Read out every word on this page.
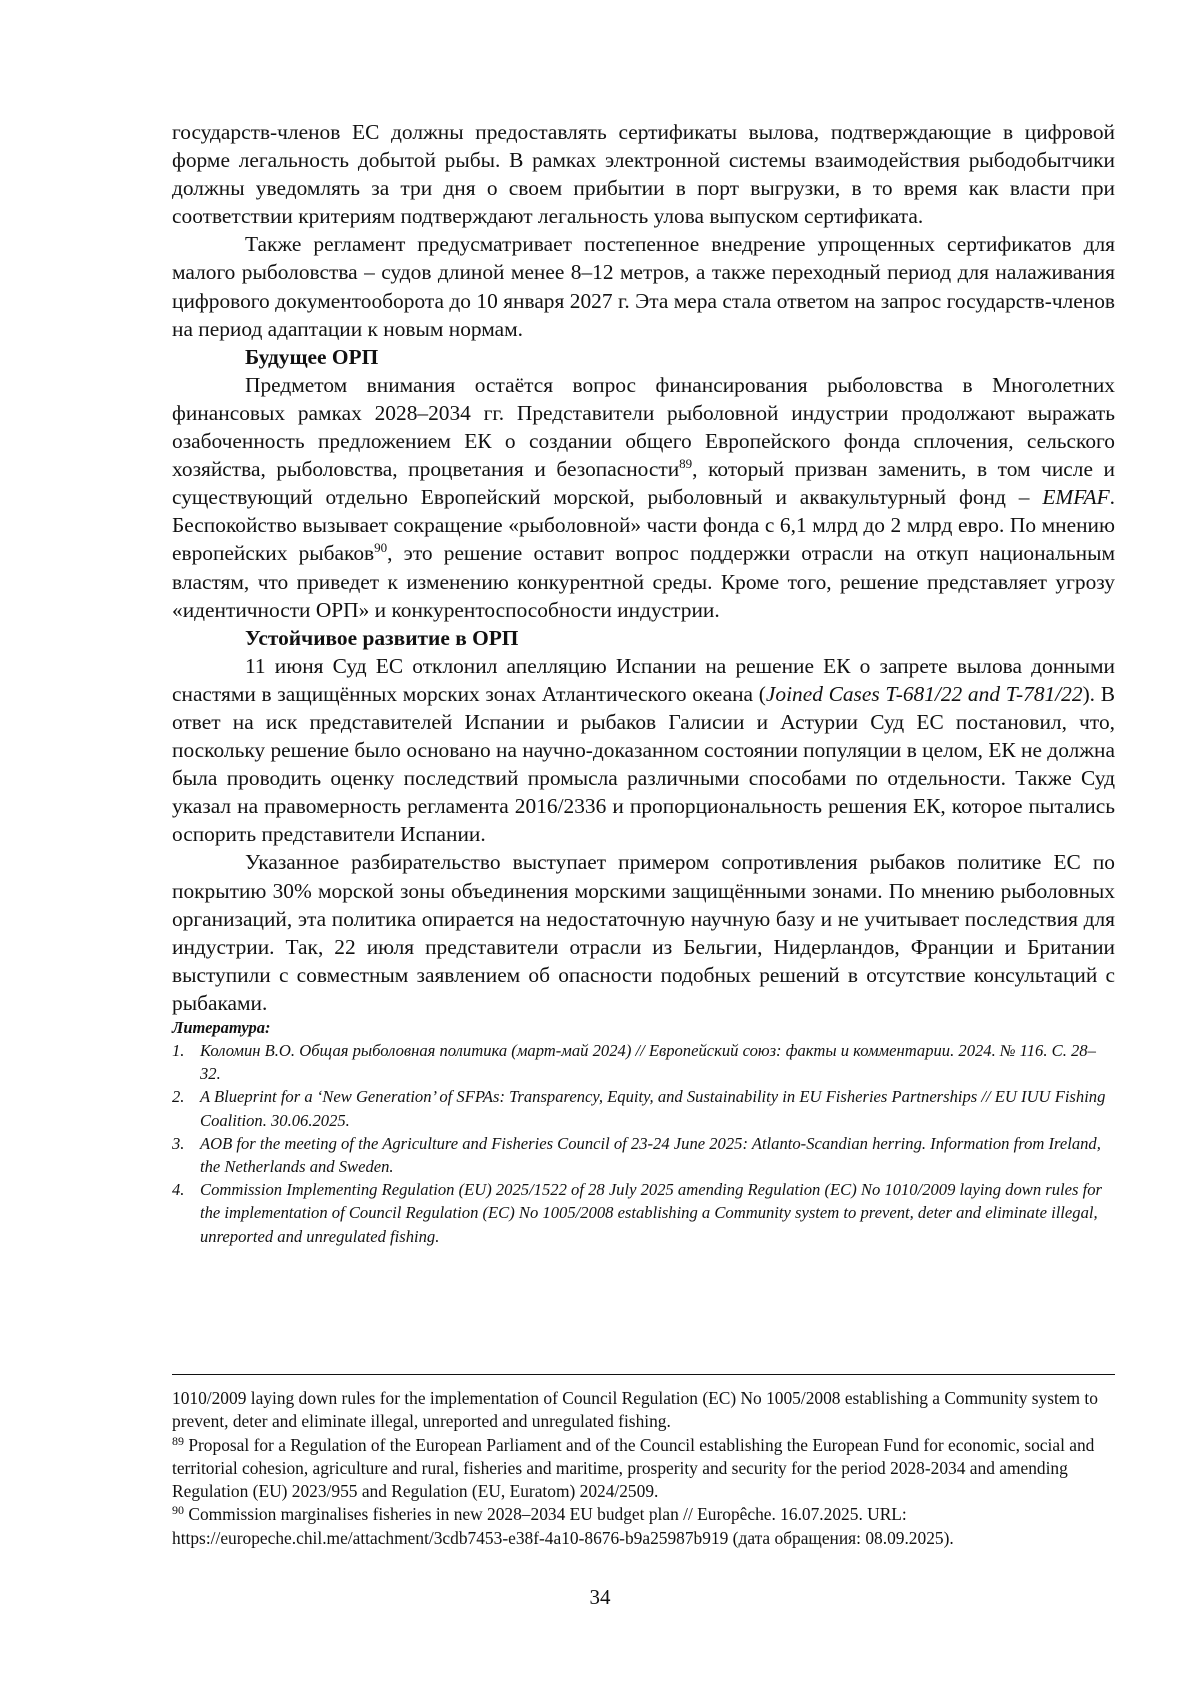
государств-членов ЕС должны предоставлять сертификаты вылова, подтверждающие в цифровой форме легальность добытой рыбы. В рамках электронной системы взаимодействия рыбодобытчики должны уведомлять за три дня о своем прибытии в порт выгрузки, в то время как власти при соответствии критериям подтверждают легальность улова выпуском сертификата.

Также регламент предусматривает постепенное внедрение упрощенных сертификатов для малого рыболовства – судов длиной менее 8–12 метров, а также переходный период для налаживания цифрового документооборота до 10 января 2027 г. Эта мера стала ответом на запрос государств-членов на период адаптации к новым нормам.

Будущее ОРП

Предметом внимания остаётся вопрос финансирования рыболовства в Многолетних финансовых рамках 2028–2034 гг. Представители рыболовной индустрии продолжают выражать озабоченность предложением ЕК о создании общего Европейского фонда сплочения, сельского хозяйства, рыболовства, процветания и безопасности$^{89}$, который призван заменить, в том числе и существующий отдельно Европейский морской, рыболовный и аквакультурный фонд – EMFAF. Беспокойство вызывает сокращение «рыболовной» части фонда с 6,1 млрд до 2 млрд евро. По мнению европейских рыбаков$^{90}$, это решение оставит вопрос поддержки отрасли на откуп национальным властям, что приведет к изменению конкурентной среды. Кроме того, решение представляет угрозу «идентичности ОРП» и конкурентоспособности индустрии.

Устойчивое развитие в ОРП

11 июня Суд ЕС отклонил апелляцию Испании на решение ЕК о запрете вылова донными снастями в защищённых морских зонах Атлантического океана (Joined Cases T-681/22 and T-781/22). В ответ на иск представителей Испании и рыбаков Галисии и Астурии Суд ЕС постановил, что, поскольку решение было основано на научно-доказанном состоянии популяции в целом, ЕК не должна была проводить оценку последствий промысла различными способами по отдельности. Также Суд указал на правомерность регламента 2016/2336 и пропорциональность решения ЕК, которое пытались оспорить представители Испании.

Указанное разбирательство выступает примером сопротивления рыбаков политике ЕС по покрытию 30% морской зоны объединения морскими защищёнными зонами. По мнению рыболовных организаций, эта политика опирается на недостаточную научную базу и не учитывает последствия для индустрии. Так, 22 июля представители отрасли из Бельгии, Нидерландов, Франции и Британии выступили с совместным заявлением об опасности подобных решений в отсутствие консультаций с рыбаками.

Литература:

1. Коломин В.О. Общая рыболовная политика (март-май 2024) // Европейский союз: факты и комментарии. 2024. № 116. С. 28–32.
2. A Blueprint for a ‘New Generation’ of SFPAs: Transparency, Equity, and Sustainability in EU Fisheries Partnerships // EU IUU Fishing Coalition. 30.06.2025.
3. AOB for the meeting of the Agriculture and Fisheries Council of 23-24 June 2025: Atlanto-Scandian herring. Information from Ireland, the Netherlands and Sweden.
4. Commission Implementing Regulation (EU) 2025/1522 of 28 July 2025 amending Regulation (EC) No 1010/2009 laying down rules for the implementation of Council Regulation (EC) No 1005/2008 establishing a Community system to prevent, deter and eliminate illegal, unreported and unregulated fishing.

1010/2009 laying down rules for the implementation of Council Regulation (EC) No 1005/2008 establishing a Community system to prevent, deter and eliminate illegal, unreported and unregulated fishing.

$^{89}$ Proposal for a Regulation of the European Parliament and of the Council establishing the European Fund for economic, social and territorial cohesion, agriculture and rural, fisheries and maritime, prosperity and security for the period 2028-2034 and amending Regulation (EU) 2023/955 and Regulation (EU, Euratom) 2024/2509.

$^{90}$ Commission marginalises fisheries in new 2028–2034 EU budget plan // Europêche. 16.07.2025. URL: https://europeche.chil.me/attachment/3cdb7453-e38f-4a10-8676-b9a25987b919 (дата обращения: 08.09.2025).

34
